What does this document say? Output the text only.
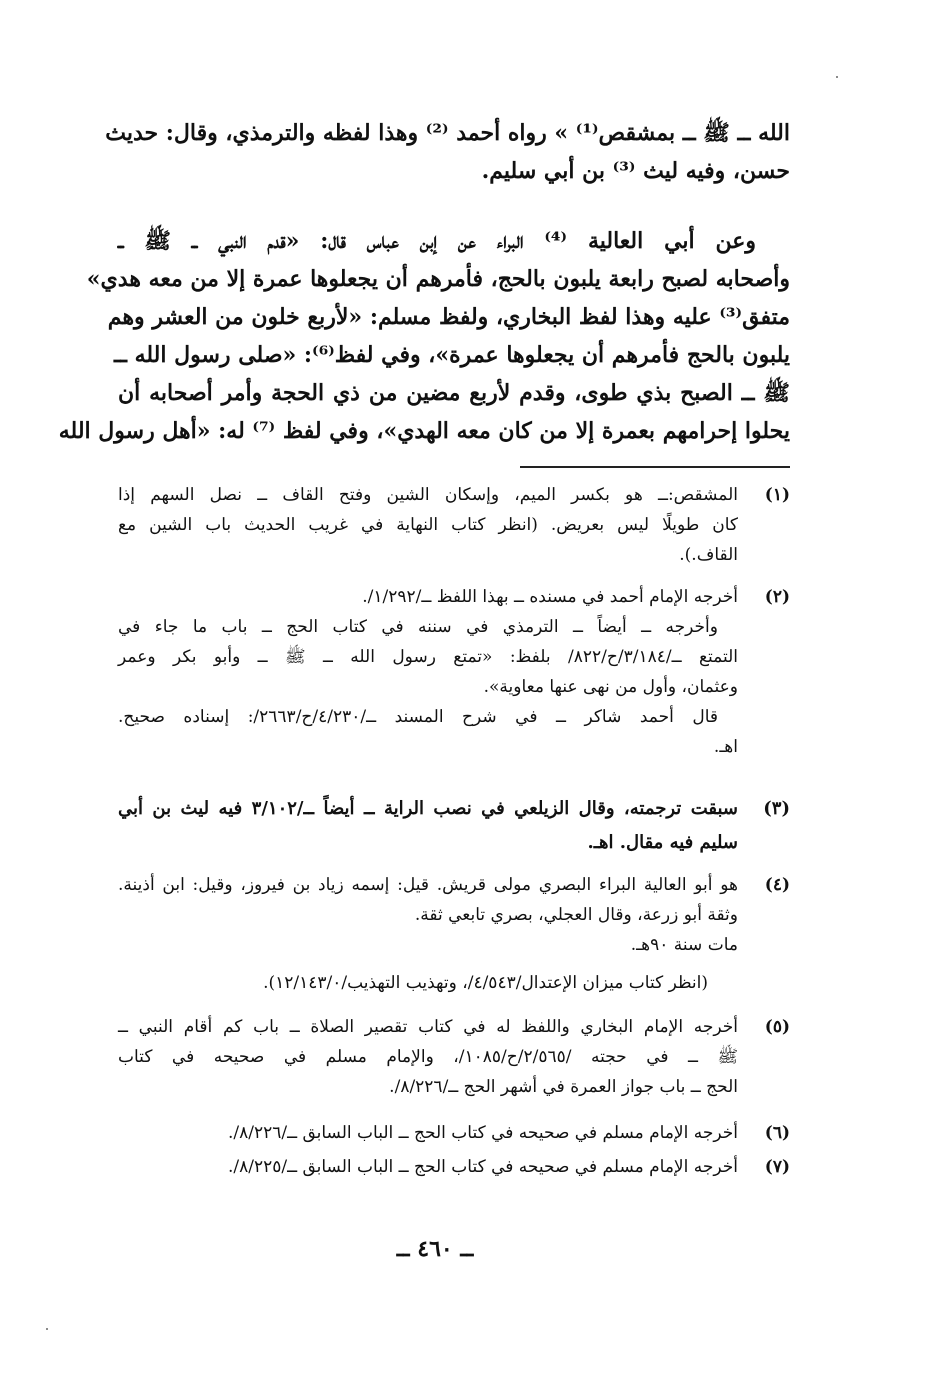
الله ــ ﷺ ــ بمشقص⁽¹⁾ » رواه أحمد ⁽²⁾ وهذا لفظه والترمذي، وقال: حديث
حسن، وفيه ليث ⁽³⁾ بن أبي سليم.
وعن أبي العالية ⁽⁴⁾ البراء عن إبن عباس قال: «قدم النبي ــ ﷺ ــ
وأصحابه لصبح رابعة يلبون بالحج، فأمرهم أن يجعلوها عمرة إلا من معه هدي»
متفق⁽³⁾ عليه وهذا لفظ البخاري، ولفظ مسلم: «لأربع خلون من العشر وهم
يلبون بالحج فأمرهم أن يجعلوها عمرة»، وفي لفظ⁽⁶⁾: «صلى رسول الله ــ
ﷺ ــ الصبح بذي طوى، وقدم لأربع مضين من ذي الحجة وأمر أصحابه أن
يحلوا إحرامهم بعمرة إلا من كان معه الهدي»، وفي لفظ ⁽⁷⁾ له: «أهل رسول الله
(١)
المشقص:ــ هو بكسر الميم، وإسكان الشين وفتح القاف ــ نصل السهم إذا
كان طويلًا ليس بعريض. (انظر كتاب النهاية في غريب الحديث باب الشين مع
القاف.).
(٢)
أخرجه الإمام أحمد في مسنده ــ بهذا اللفظ ــ/١/٢٩٢/.
وأخرجه ــ أيضاً ــ الترمذي في سننه في كتاب الحج ــ باب ما جاء في
التمتع ــ/٣/١٨٤/ح/٨٢٢/ بلفظ: «تمتع رسول الله ــ ﷺ ــ وأبو بكر وعمر
وعثمان، وأول من نهى عنها معاوية».
قال أحمد شاكر ــ في شرح المسند ــ/٤/٢٣٠/ح/٢٦٦٣/: إسناده صحيح.
اهـ.
(٣)
سبقت ترجمته، وقال الزيلعي في نصب الراية ــ أيضاً ــ/٣/١٠٢ فيه ليث بن أبي
سليم فيه مقال. اهـ.
(٤)
هو أبو العالية البراء البصري مولى قريش. قيل: إسمه زياد بن فيروز، وقيل: ابن أذينة.
وثقة أبو زرعة، وقال العجلي، بصري تابعي ثقة.
مات سنة ٩٠هـ.
(انظر كتاب ميزان الإعتدال/٤/٥٤٣/، وتهذيب التهذيب/١٢/١٤٣/٠).
(٥)
أخرجه الإمام البخاري واللفظ له في كتاب تقصير الصلاة ــ باب كم أقام النبي ــ
ﷺ ــ في حجته /٢/٥٦٥/ح/١٠٨٥/، والإمام مسلم في صحيحه في كتاب
الحج ــ باب جواز العمرة في أشهر الحج ــ/٨/٢٢٦/.
(٦)
أخرجه الإمام مسلم في صحيحه في كتاب الحج ــ الباب السابق ــ/٨/٢٢٦/.
(٧)
أخرجه الإمام مسلم في صحيحه في كتاب الحج ــ الباب السابق ــ/٨/٢٢٥/.
ــ ٤٦٠ ــ
